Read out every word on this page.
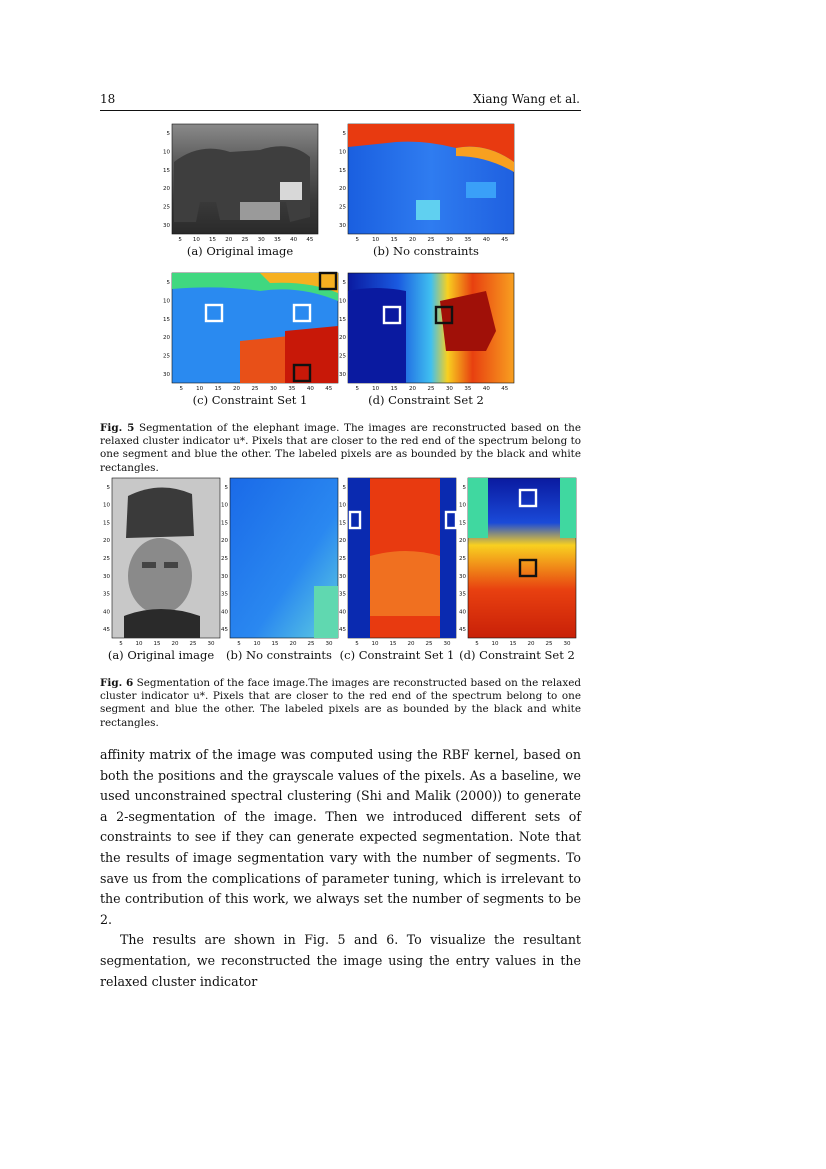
18	Xiang Wang et al.
5 10 15 20 25 30 35 40 45
5
10
15
20
25
30
(a) Original image
5 10 15 20 25 30 35 40 45
5
10
15
20
25
30
(b) No constraints
5 10 15 20 25 30 35 40 45
5
10
15
20
25
30
(c) Constraint Set 1
5 10 15 20 25 30 35 40 45
5
10
15
20
25
30
(d) Constraint Set 2
Fig. 5 Segmentation of the elephant image. The images are reconstructed based on the relaxed cluster indicator u*. Pixels that are closer to the red end of the spectrum belong to one segment and blue the other. The labeled pixels are as bounded by the black and white rectangles.
5 10 15 20 25 30
5
10
15
20
25
30
35
40
45
(a) Original image
5 10 15 20 25 30
5
10
15
20
25
30
35
40
45
(b) No constraints
5 10 15 20 25 30
5
10
15
20
25
30
35
40
45
(c) Constraint Set 1
5 10 15 20 25 30
5
10
15
20
25
30
35
40
45
(d) Constraint Set 2
Fig. 6 Segmentation of the face image.The images are reconstructed based on the relaxed cluster indicator u*. Pixels that are closer to the red end of the spectrum belong to one segment and blue the other. The labeled pixels are as bounded by the black and white rectangles.

affinity matrix of the image was computed using the RBF kernel, based on both the positions and the grayscale values of the pixels. As a baseline, we used unconstrained spectral clustering (Shi and Malik (2000)) to generate a 2-segmentation of the image. Then we introduced different sets of constraints to see if they can generate expected segmentation. Note that the results of image segmentation vary with the number of segments. To save us from the complications of parameter tuning, which is irrelevant to the contribution of this work, we always set the number of segments to be 2.

The results are shown in Fig. 5 and 6. To visualize the resultant segmentation, we reconstructed the image using the entry values in the relaxed cluster indicator
